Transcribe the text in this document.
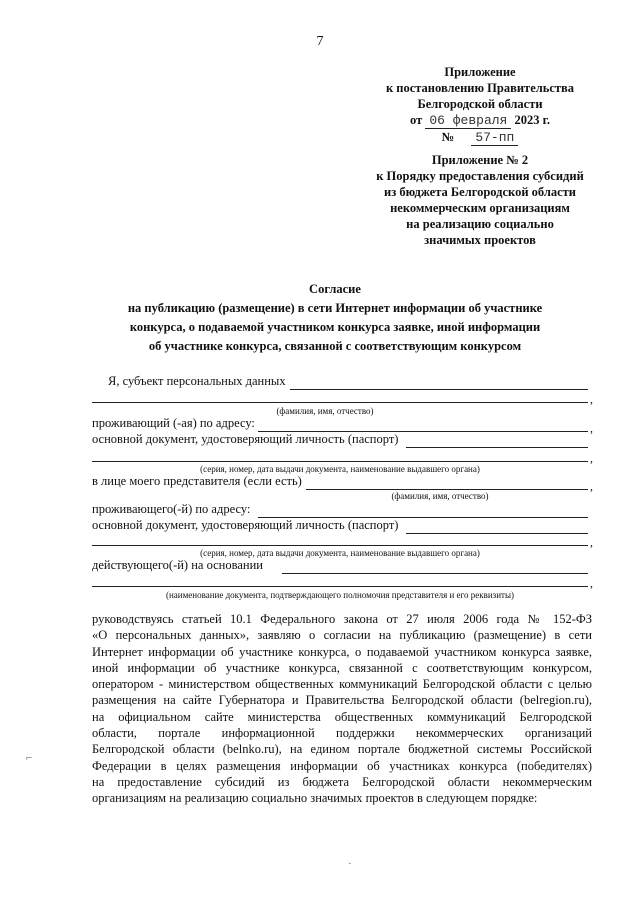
7
Приложение
к постановлению Правительства
Белгородской области
от 06 февраля 2023 г.
№ 57-пп
Приложение № 2
к Порядку предоставления субсидий
из бюджета Белгородской области
некоммерческим организациям
на реализацию социально
значимых проектов
Согласие
на публикацию (размещение) в сети Интернет информации об участнике
конкурса, о подаваемой участником конкурса заявке, иной информации
об участнике конкурса, связанной с соответствующим конкурсом
Я, субъект персональных данных
,
(фамилия, имя, отчество)
проживающий (-ая) по адресу:	,
основной документ, удостоверяющий личность (паспорт)
,
(серия, номер, дата выдачи документа, наименование выдавшего органа)
в лице моего представителя (если есть)	,
(фамилия, имя, отчество)
проживающего(-й) по адресу:
основной документ, удостоверяющий личность (паспорт)
,
(серия, номер, дата выдачи документа, наименование выдавшего органа)
действующего(-й) на основании
,
(наименование документа, подтверждающего полномочия представителя и его реквизиты)
руководствуясь статьей 10.1 Федерального закона от 27 июля 2006 года № 152-ФЗ
«О персональных данных», заявляю о согласии на публикацию (размещение) в сети
Интернет информации об участнике конкурса, о подаваемой участником конкурса заявке,
иной информации об участнике конкурса, связанной с соответствующим конкурсом,
оператором - министерством общественных коммуникаций Белгородской области с целью
размещения на сайте Губернатора и Правительства Белгородской области (belregion.ru),
на официальном сайте министерства общественных коммуникаций Белгородской
области, портале информационной поддержки некоммерческих организаций
Белгородской области (belnko.ru), на едином портале бюджетной системы Российской
Федерации в целях размещения информации об участниках конкурса (победителях)
на предоставление субсидий из бюджета Белгородской области некоммерческим
организациям на реализацию социально значимых проектов в следующем порядке:
⌐
·
